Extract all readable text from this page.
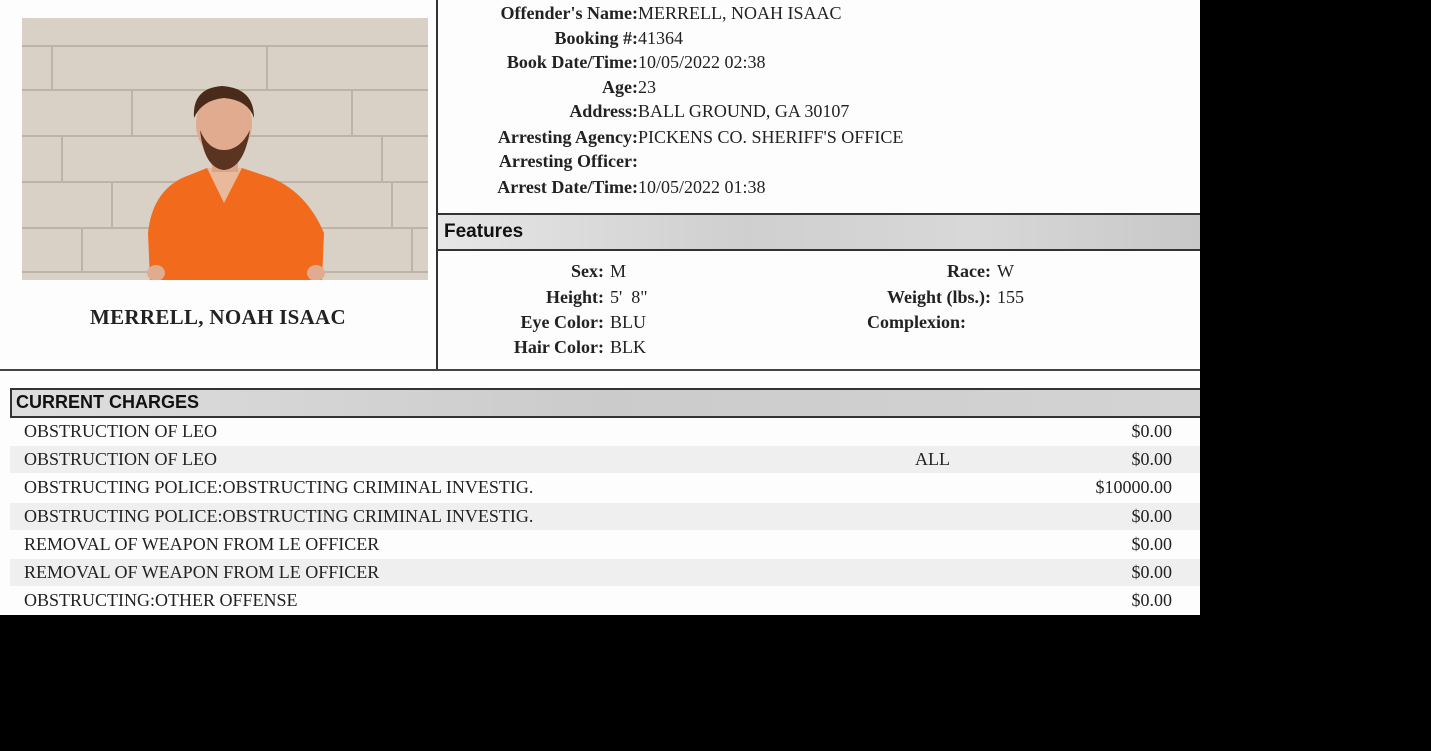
MERRELL, NOAH ISAAC
Offender's Name: MERRELL, NOAH ISAAC
Booking #: 41364
Book Date/Time: 10/05/2022 02:38
Age: 23
Address: BALL GROUND, GA 30107
Arresting Agency: PICKENS CO. SHERIFF'S OFFICE
Arresting Officer:
Arrest Date/Time: 10/05/2022 01:38
Features
Sex: M
Height: 5'  8"
Eye Color: BLU
Hair Color: BLK
Race: W
Weight (lbs.): 155
Complexion:
CURRENT CHARGES
OBSTRUCTION OF LEO	$0.00
OBSTRUCTION OF LEO	ALL	$0.00
OBSTRUCTING POLICE:OBSTRUCTING CRIMINAL INVESTIG.	$10000.00
OBSTRUCTING POLICE:OBSTRUCTING CRIMINAL INVESTIG.	$0.00
REMOVAL OF WEAPON FROM LE OFFICER	$0.00
REMOVAL OF WEAPON FROM LE OFFICER	$0.00
OBSTRUCTING:OTHER OFFENSE	$0.00
